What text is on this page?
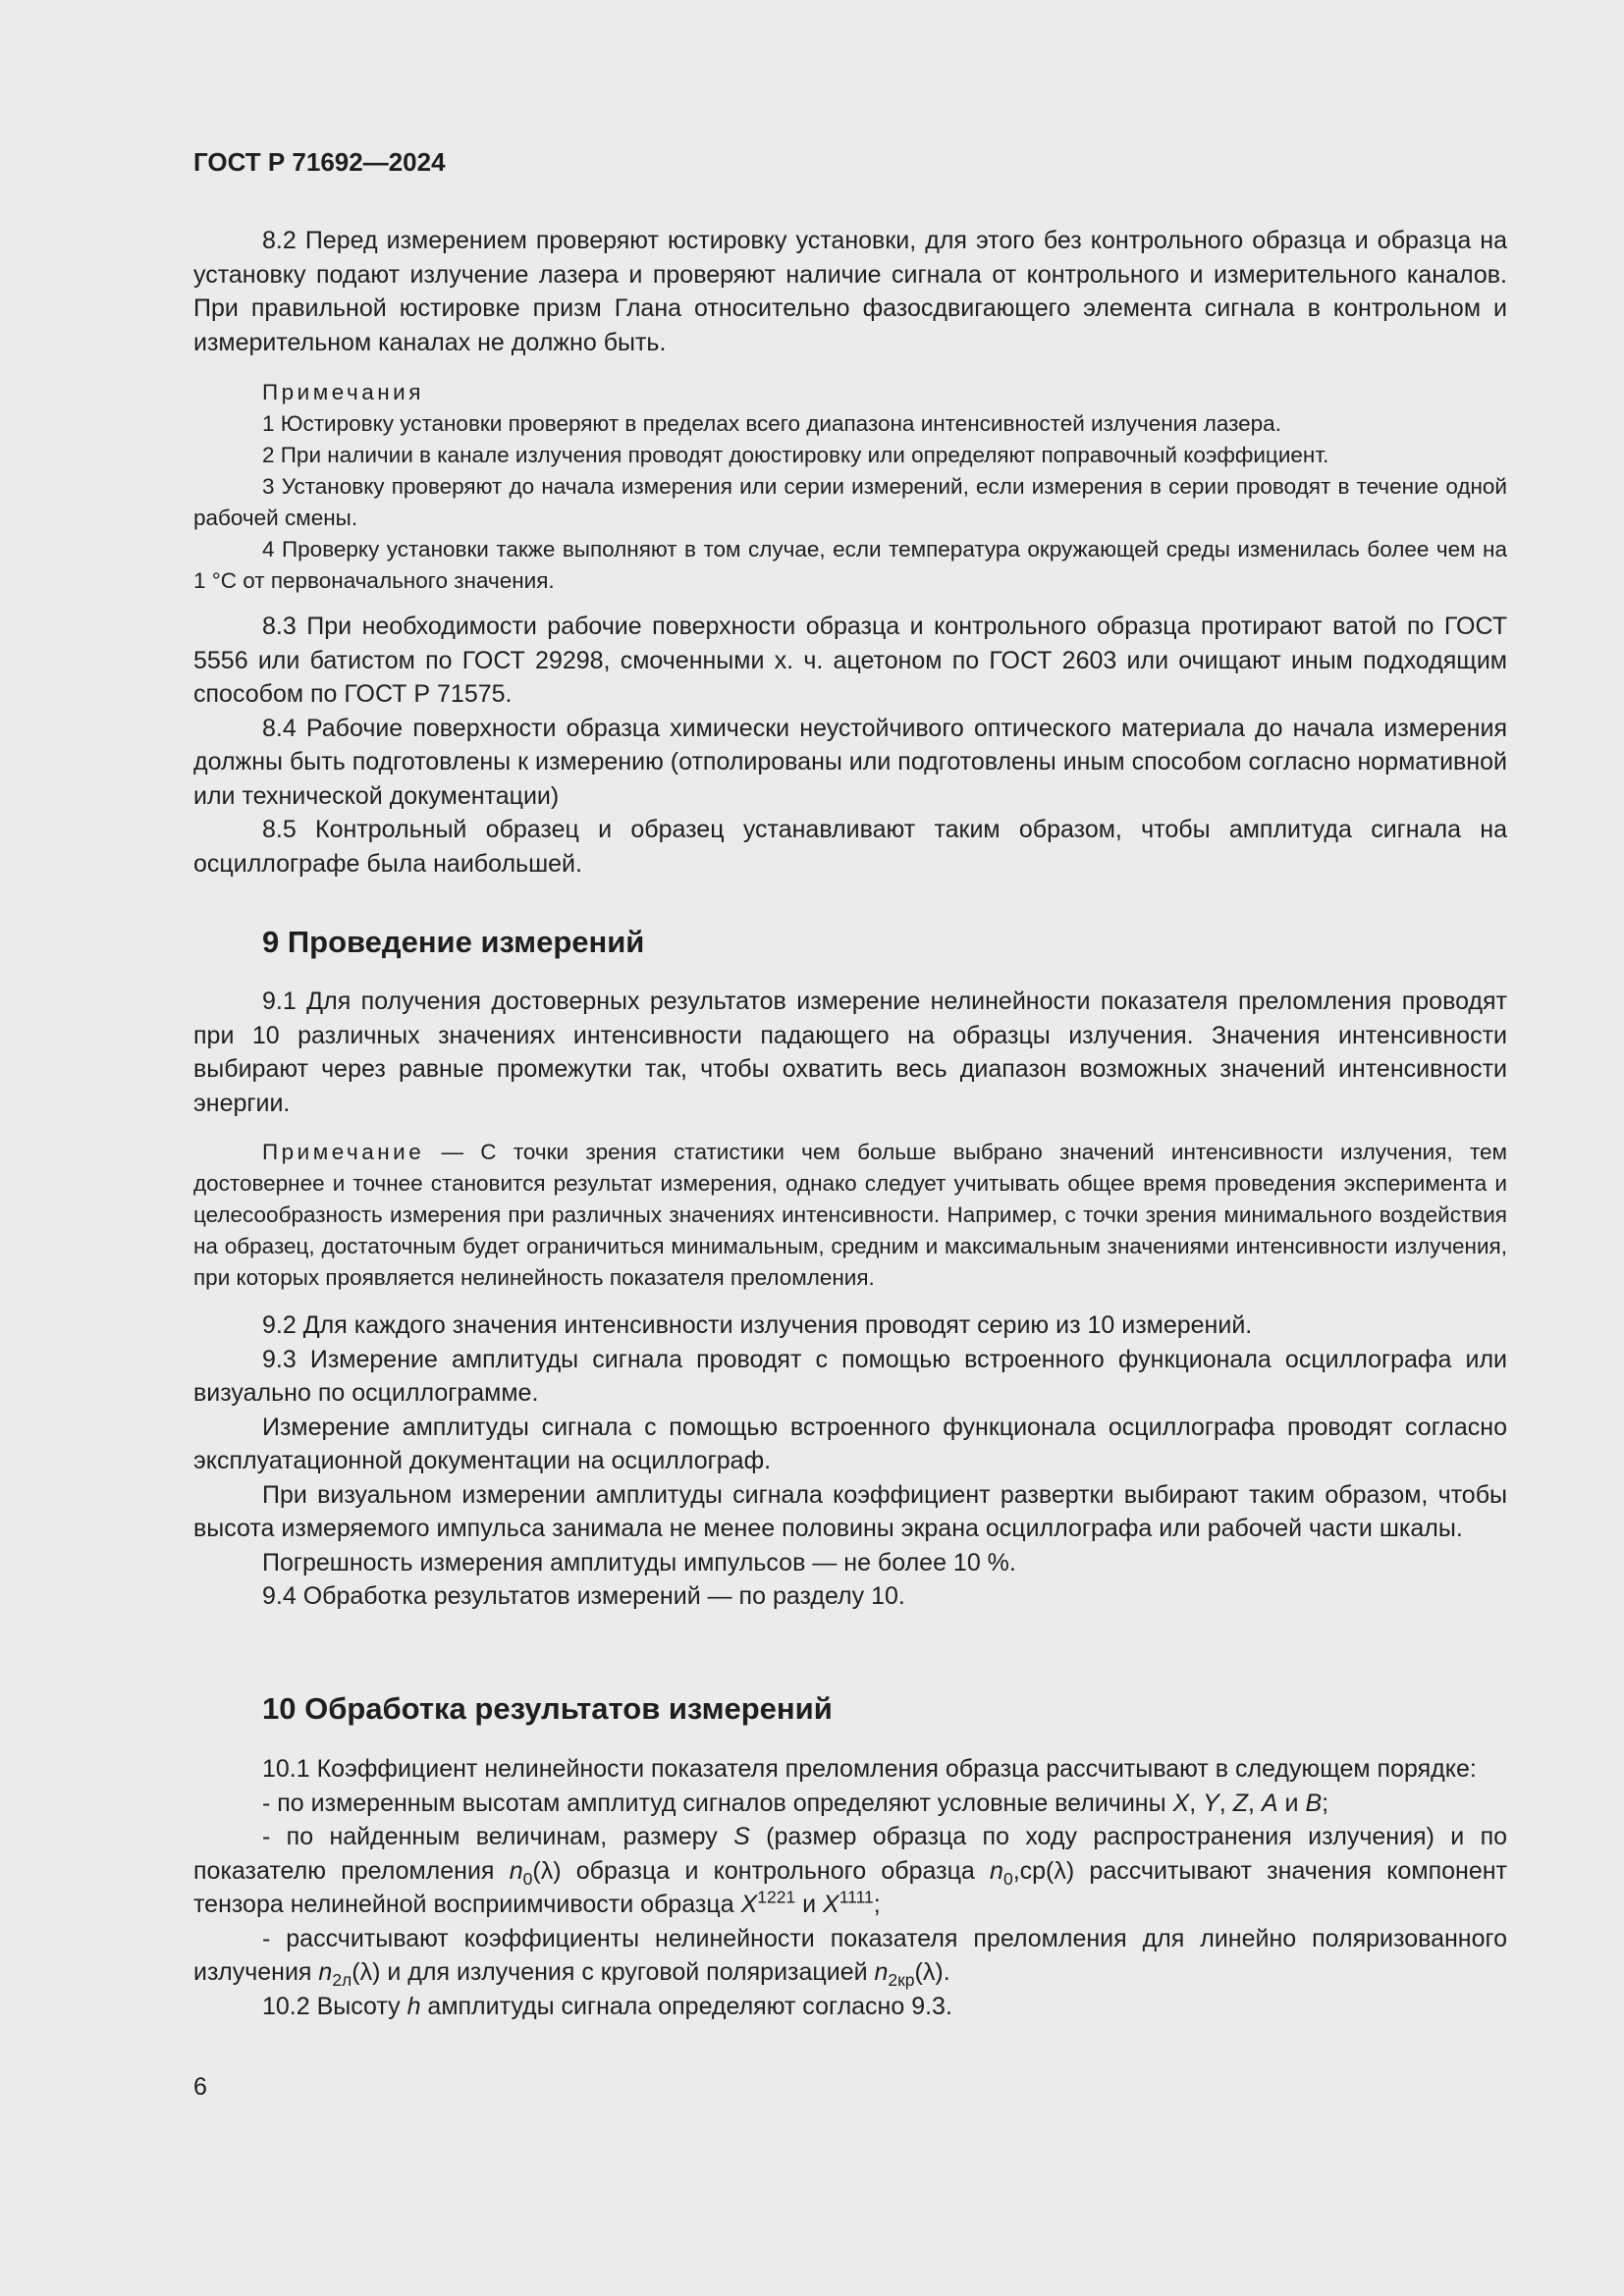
ГОСТ Р 71692—2024

8.2 Перед измерением проверяют юстировку установки, для этого без контрольного образца и образца на установку подают излучение лазера и проверяют наличие сигнала от контрольного и измерительного каналов. При правильной юстировке призм Глана относительно фазосдвигающего элемента сигнала в контрольном и измерительном каналах не должно быть.

Примечания
1 Юстировку установки проверяют в пределах всего диапазона интенсивностей излучения лазера.
2 При наличии в канале излучения проводят доюстировку или определяют поправочный коэффициент.
3 Установку проверяют до начала измерения или серии измерений, если измерения в серии проводят в течение одной рабочей смены.
4 Проверку установки также выполняют в том случае, если температура окружающей среды изменилась более чем на 1 °С от первоначального значения.
8.3 При необходимости рабочие поверхности образца и контрольного образца протирают ватой по ГОСТ 5556 или батистом по ГОСТ 29298, смоченными х. ч. ацетоном по ГОСТ 2603 или очищают иным подходящим способом по ГОСТ Р 71575.
8.4 Рабочие поверхности образца химически неустойчивого оптического материала до начала измерения должны быть подготовлены к измерению (отполированы или подготовлены иным способом согласно нормативной или технической документации)
8.5 Контрольный образец и образец устанавливают таким образом, чтобы амплитуда сигнала на осциллографе была наибольшей.
9 Проведение измерений

9.1 Для получения достоверных результатов измерение нелинейности показателя преломления проводят при 10 различных значениях интенсивности падающего на образцы излучения. Значения интенсивности выбирают через равные промежутки так, чтобы охватить весь диапазон возможных значений интенсивности энергии.

Примечание — С точки зрения статистики чем больше выбрано значений интенсивности излучения, тем достовернее и точнее становится результат измерения, однако следует учитывать общее время проведения эксперимента и целесообразность измерения при различных значениях интенсивности. Например, с точки зрения минимального воздействия на образец, достаточным будет ограничиться минимальным, средним и максимальным значениями интенсивности излучения, при которых проявляется нелинейность показателя преломления.

9.2 Для каждого значения интенсивности излучения проводят серию из 10 измерений.
9.3 Измерение амплитуды сигнала проводят с помощью встроенного функционала осциллографа или визуально по осциллограмме.
Измерение амплитуды сигнала с помощью встроенного функционала осциллографа проводят согласно эксплуатационной документации на осциллограф.
При визуальном измерении амплитуды сигнала коэффициент развертки выбирают таким образом, чтобы высота измеряемого импульса занимала не менее половины экрана осциллографа или рабочей части шкалы.
Погрешность измерения амплитуды импульсов — не более 10 %.
9.4 Обработка результатов измерений — по разделу 10.
10 Обработка результатов измерений
10.1 Коэффициент нелинейности показателя преломления образца рассчитывают в следующем порядке:
- по измеренным высотам амплитуд сигналов определяют условные величины X, Y, Z, A и B;
- по найденным величинам, размеру S (размер образца по ходу распространения излучения) и по показателю преломления $n_0(\lambda)$ образца и контрольного образца $n_0,ср(\lambda)$ рассчитывают значения компонент тензора нелинейной восприимчивости образца $X^{1221}$ и $X^{1111}$;
- рассчитывают коэффициенты нелинейности показателя преломления для линейно поляризованного излучения $n_{2л}(\lambda)$ и для излучения с круговой поляризацией $n_{2кр}(\lambda)$.
10.2 Высоту h амплитуды сигнала определяют согласно 9.3.
6
